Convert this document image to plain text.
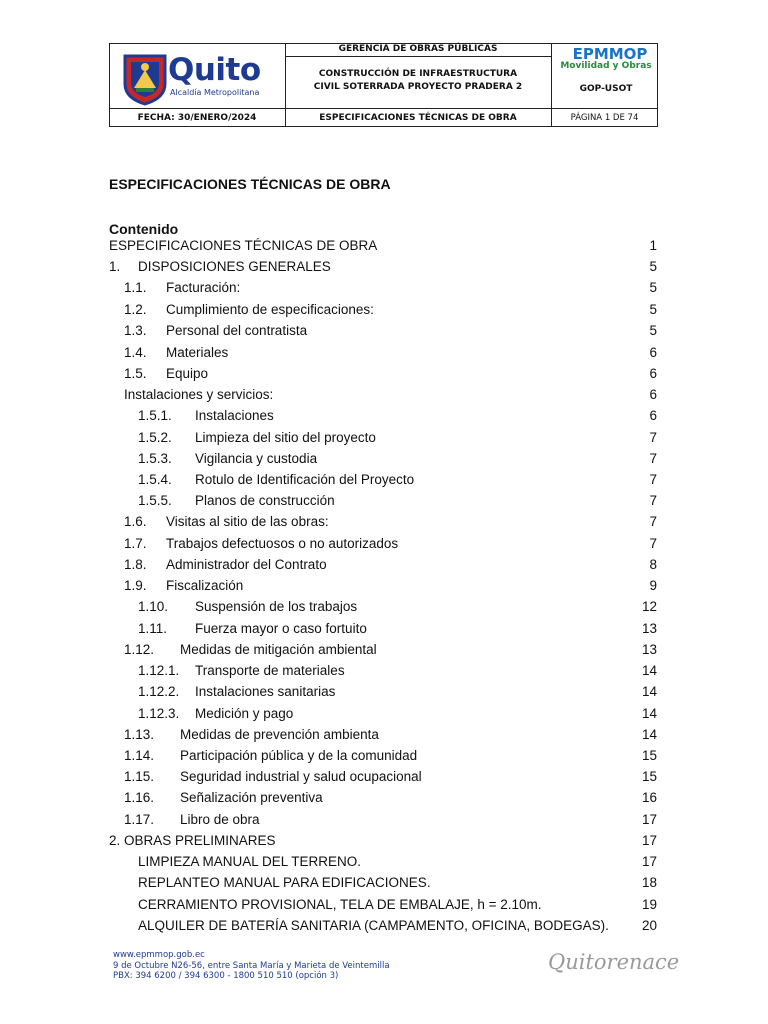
Quito
Alcaldía Metropolitana
GERENCIA DE OBRAS PÚBLICAS
CONSTRUCCIÓN DE INFRAESTRUCTURA
CIVIL SOTERRADA PROYECTO PRADERA 2
EPMMOP
Movilidad y Obras
GOP-USOT
FECHA: 30/ENERO/2024	ESPECIFICACIONES TÉCNICAS DE OBRA	PÁGINA 1 DE 74
ESPECIFICACIONES TÉCNICAS DE OBRA
Contenido
ESPECIFICACIONES TÉCNICAS DE OBRA	1
1. DISPOSICIONES GENERALES	5
1.1. Facturación:	5
1.2. Cumplimiento de especificaciones:	5
1.3. Personal del contratista	5
1.4. Materiales	6
1.5. Equipo	6
Instalaciones y servicios:	6
1.5.1. Instalaciones	6
1.5.2. Limpieza del sitio del proyecto	7
1.5.3. Vigilancia y custodia	7
1.5.4. Rotulo de Identificación del Proyecto	7
1.5.5. Planos de construcción	7
1.6. Visitas al sitio de las obras:	7
1.7. Trabajos defectuosos o no autorizados	7
1.8. Administrador del Contrato	8
1.9. Fiscalización	9
1.10. Suspensión de los trabajos	12
1.11. Fuerza mayor o caso fortuito	13
1.12. Medidas de mitigación ambiental	13
1.12.1. Transporte de materiales	14
1.12.2. Instalaciones sanitarias	14
1.12.3. Medición y pago	14
1.13. Medidas de prevención ambienta	14
1.14. Participación pública y de la comunidad	15
1.15. Seguridad industrial y salud ocupacional	15
1.16. Señalización preventiva	16
1.17. Libro de obra	17
2. OBRAS PRELIMINARES	17
LIMPIEZA MANUAL DEL TERRENO.	17
REPLANTEO MANUAL PARA EDIFICACIONES.	18
CERRAMIENTO PROVISIONAL, TELA DE EMBALAJE, h = 2.10m.	19
ALQUILER DE BATERÍA SANITARIA (CAMPAMENTO, OFICINA, BODEGAS).	20
www.epmmop.gob.ec
9 de Octubre N26-56, entre Santa María y Marieta de Veintemilla
PBX: 394 6200 / 394 6300 - 1800 510 510 (opción 3)
Quitorenace
